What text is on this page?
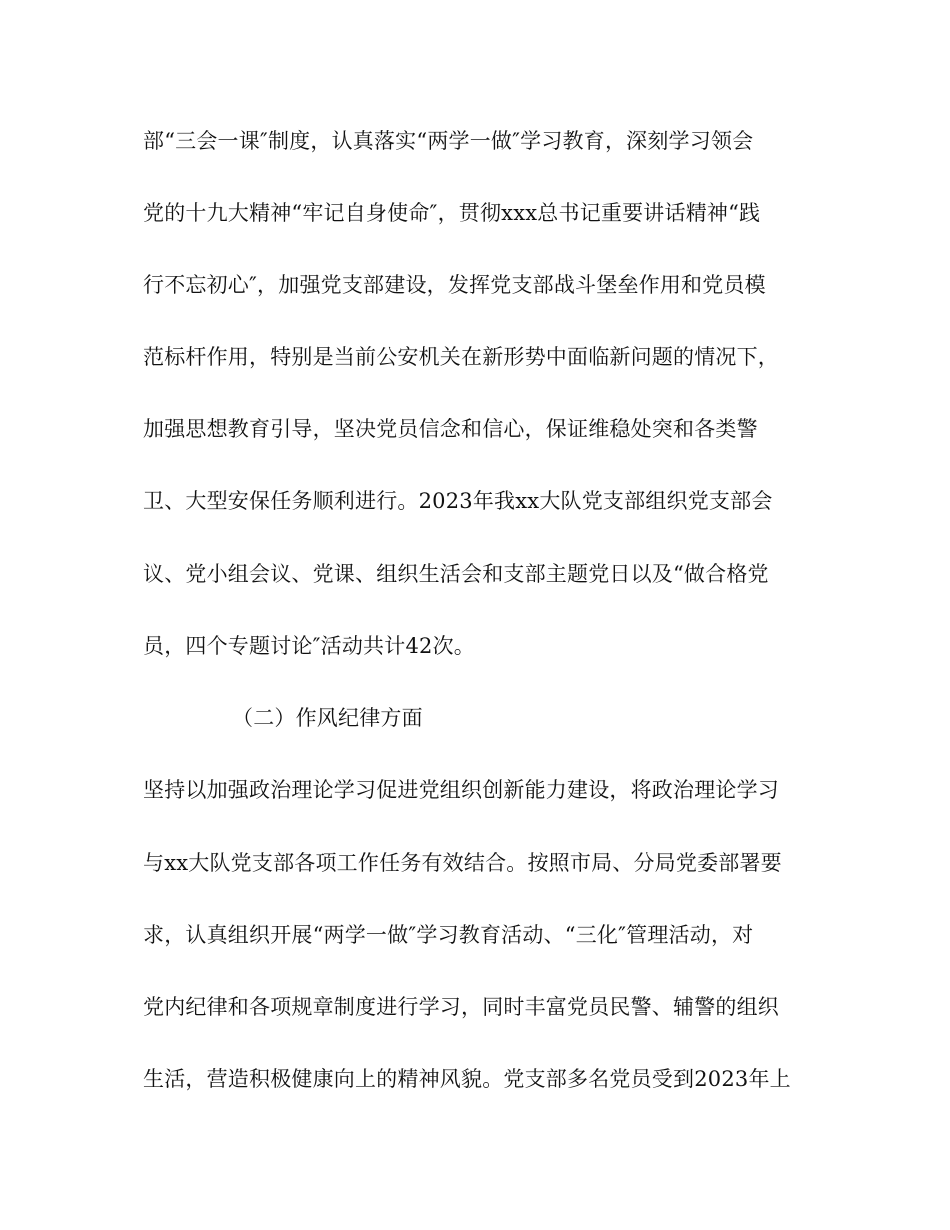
部“三会一课″制度，认真落实“两学一做″学习教育，深刻学习领会
党的十九大精神“牢记自身使命″，贯彻xxx总书记重要讲话精神“践
行不忘初心″，加强党支部建设，发挥党支部战斗堡垒作用和党员模
范标杆作用，特别是当前公安机关在新形势中面临新问题的情况下，
加强思想教育引导，坚决党员信念和信心，保证维稳处突和各类警
卫、大型安保任务顺利进行。2023年我xx大队党支部组织党支部会
议、党小组会议、党课、组织生活会和支部主题党日以及“做合格党
员，四个专题讨论″活动共计42次。
（二）作风纪律方面
坚持以加强政治理论学习促进党组织创新能力建设，将政治理论学习
与xx大队党支部各项工作任务有效结合。按照市局、分局党委部署要
求，认真组织开展“两学一做″学习教育活动、“三化″管理活动，对
党内纪律和各项规章制度进行学习，同时丰富党员民警、辅警的组织
生活，营造积极健康向上的精神风貌。党支部多名党员受到2023年上
